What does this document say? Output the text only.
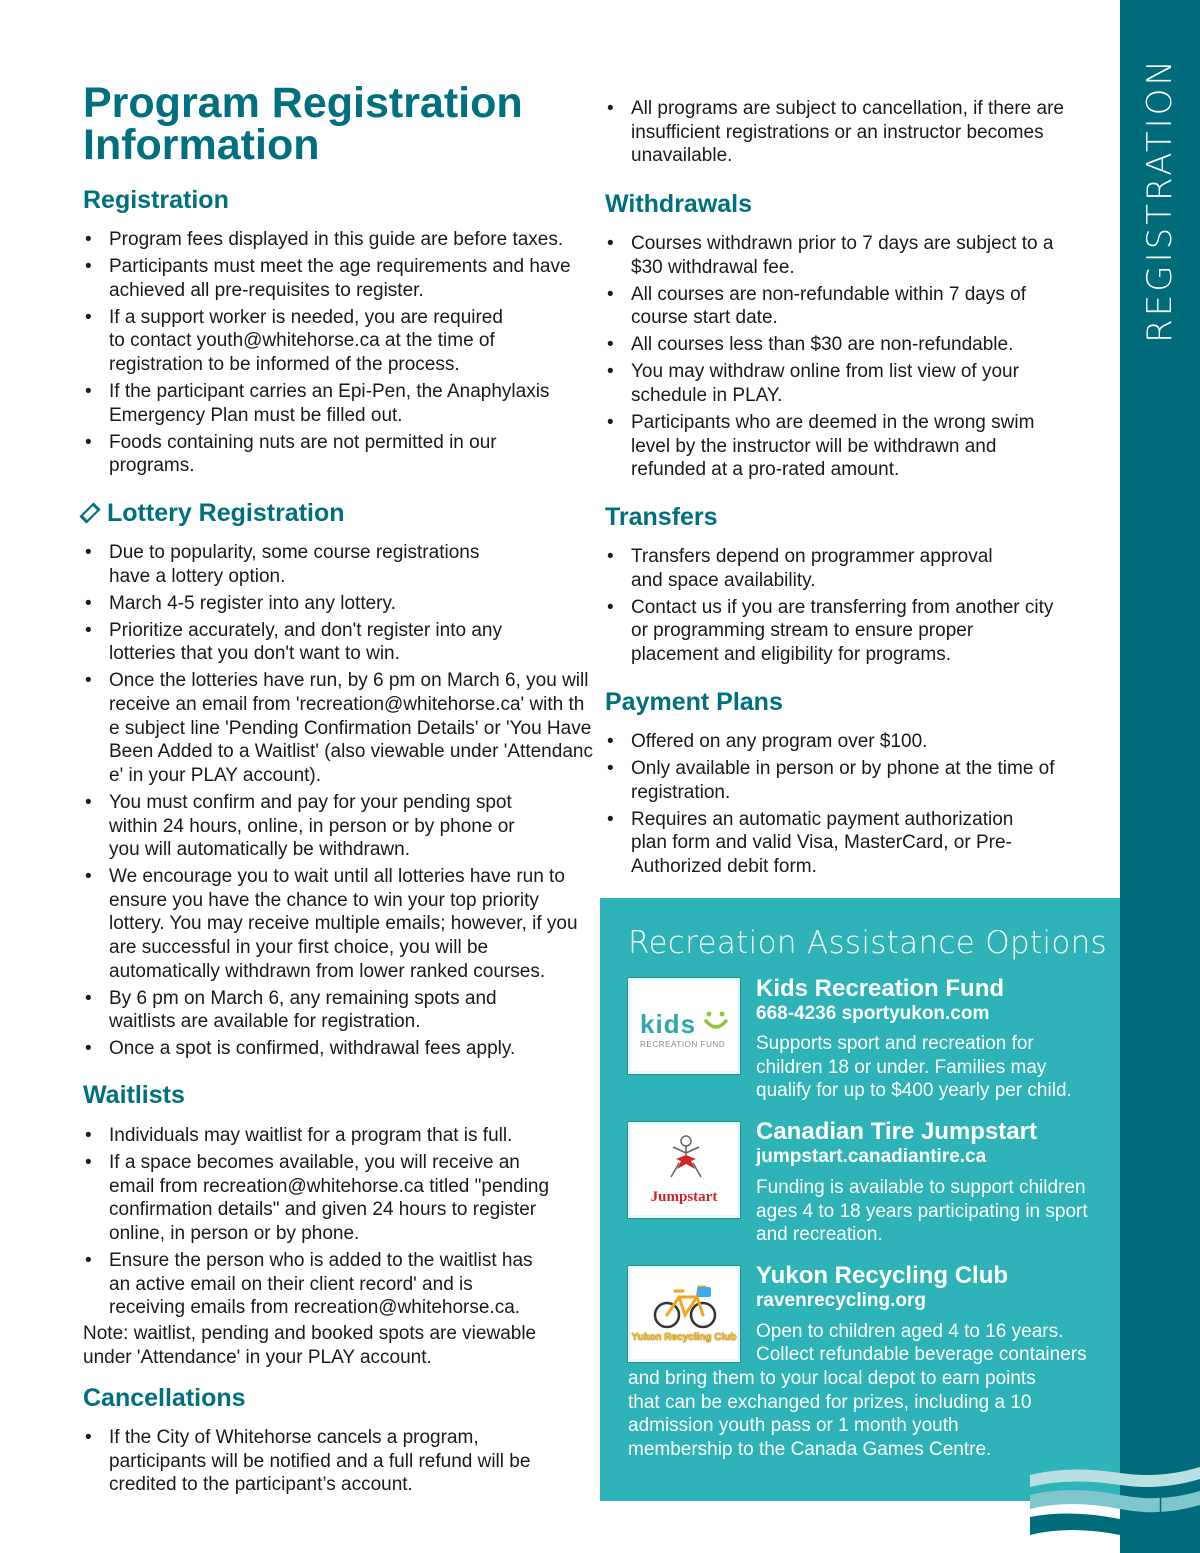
REGISTRATION
Program Registration Information
Registration
• Program fees displayed in this guide are before taxes.
• Participants must meet the age requirements and have achieved all pre-requisites to register.
• If a support worker is needed, you are required to contact youth@whitehorse.ca at the time of registration to be informed of the process.
• If the participant carries an Epi-Pen, the Anaphylaxis Emergency Plan must be filled out.
• Foods containing nuts are not permitted in our programs.
Lottery Registration
• Due to popularity, some course registrations have a lottery option.
• March 4-5 register into any lottery.
• Prioritize accurately, and don't register into any lotteries that you don't want to win.
• Once the lotteries have run, by 6 pm on March 6, you will receive an email from 'recreation@whitehorse.ca' with the subject line 'Pending Confirmation Details' or 'You Have Been Added to a Waitlist' (also viewable under 'Attendance' in your PLAY account).
• You must confirm and pay for your pending spot within 24 hours, online, in person or by phone or you will automatically be withdrawn.
• We encourage you to wait until all lotteries have run to ensure you have the chance to win your top priority lottery. You may receive multiple emails; however, if you are successful in your first choice, you will be automatically withdrawn from lower ranked courses.
• By 6 pm on March 6, any remaining spots and waitlists are available for registration.
• Once a spot is confirmed, withdrawal fees apply.
Waitlists
• Individuals may waitlist for a program that is full.
• If a space becomes available, you will receive an email from recreation@whitehorse.ca titled "pending confirmation details" and given 24 hours to register online, in person or by phone.
• Ensure the person who is added to the waitlist has an active email on their client record' and is receiving emails from recreation@whitehorse.ca.

Note: waitlist, pending and booked spots are viewable under 'Attendance' in your PLAY account.

Cancellations
• If the City of Whitehorse cancels a program, participants will be notified and a full refund will be credited to the participant’s account.
• All programs are subject to cancellation, if there are insufficient registrations or an instructor becomes unavailable.
Withdrawals
• Courses withdrawn prior to 7 days are subject to a $30 withdrawal fee.
• All courses are non-refundable within 7 days of course start date.
• All courses less than $30 are non-refundable.
• You may withdraw online from list view of your schedule in PLAY.
• Participants who are deemed in the wrong swim level by the instructor will be withdrawn and refunded at a pro-rated amount.
Transfers
• Transfers depend on programmer approval and space availability.
• Contact us if you are transferring from another city or programming stream to ensure proper placement and eligibility for programs.
Payment Plans
• Offered on any program over $100.
• Only available in person or by phone at the time of registration.
• Requires an automatic payment authorization plan form and valid Visa, MasterCard, or Pre-Authorized debit form.
Recreation Assistance Options
kids
RECREATION FUND
Kids Recreation Fund
668-4236 sportyukon.com
Supports sport and recreation for children 18 or under. Families may qualify for up to $400 yearly per child.
Jumpstart
Canadian Tire Jumpstart
jumpstart.canadiantire.ca
Funding is available to support children ages 4 to 18 years participating in sport and recreation.
Yukon Recycling Club
Yukon Recycling Club
ravenrecycling.org
Open to children aged 4 to 16 years.
Collect refundable beverage containers
and bring them to your local depot to earn points that can be exchanged for prizes, including a 10 admission youth pass or 1 month youth membership to the Canada Games Centre.
1
